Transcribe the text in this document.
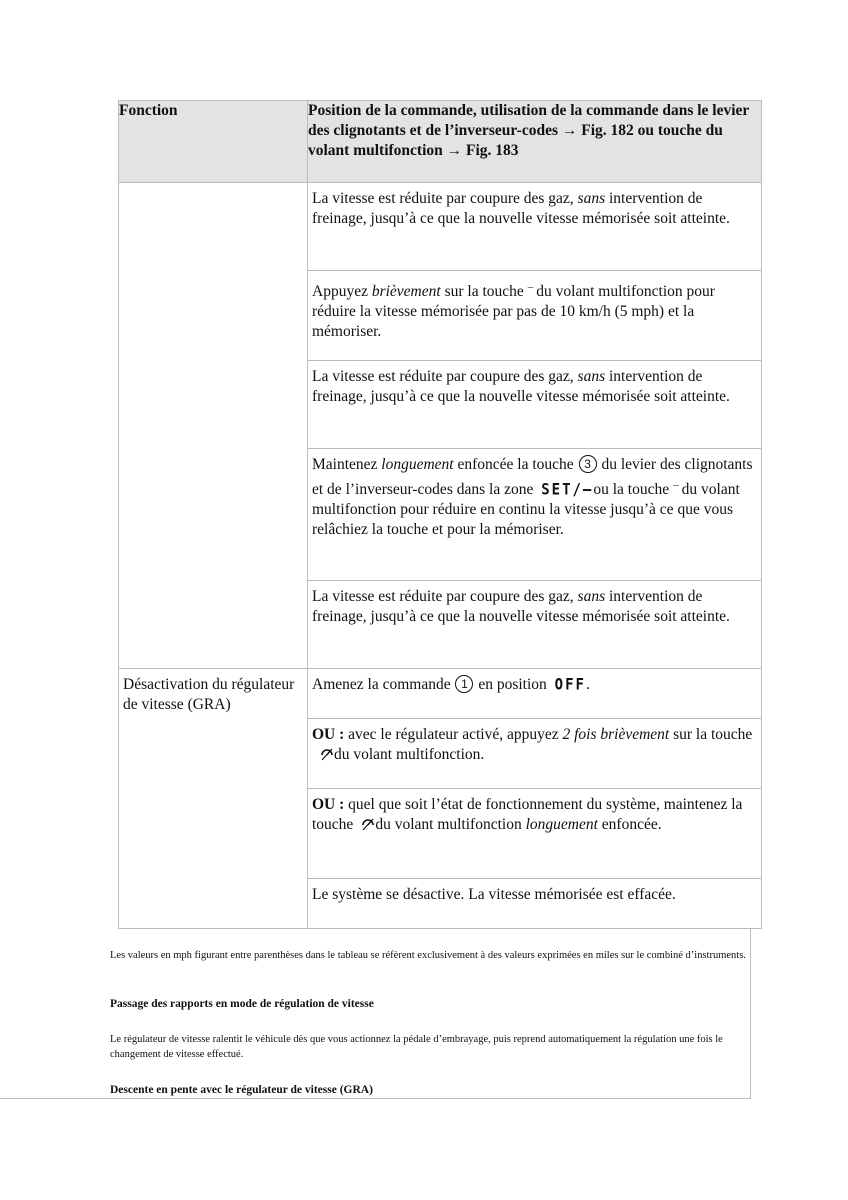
Fonction	Position de la commande, utilisation de la commande dans le levier des clignotants et de l’inverseur-codes → Fig. 182 ou touche du volant multifonction → Fig. 183

	La vitesse est réduite par coupure des gaz, sans intervention de freinage, jusqu’à ce que la nouvelle vitesse mémorisée soit atteinte.

	Appuyez brièvement sur la touche – du volant multifonction pour réduire la vitesse mémorisée par pas de 10 km/h (5 mph) et la mémoriser.

	La vitesse est réduite par coupure des gaz, sans intervention de freinage, jusqu’à ce que la nouvelle vitesse mémorisée soit atteinte.

	Maintenez longuement enfoncée la touche 3 du levier des clignotants et de l’inverseur-codes dans la zone SET/–ou la touche – du volant multifonction pour réduire en continu la vitesse jusqu’à ce que vous relâchiez la touche et pour la mémoriser.

	La vitesse est réduite par coupure des gaz, sans intervention de freinage, jusqu’à ce que la nouvelle vitesse mémorisée soit atteinte.

Désactivation du régulateur de vitesse (GRA)	Amenez la commande 1 en position OFF.

	OU : avec le régulateur activé, appuyez 2 fois brièvement sur la touchedu volant multifonction.

	OU : quel que soit l’état de fonctionnement du système, maintenez la touche du volant multifonction longuement enfoncée.

	Le système se désactive. La vitesse mémorisée est effacée.
Les valeurs en mph figurant entre parenthèses dans le tableau se réfèrent exclusivement à des valeurs exprimées en miles sur le combiné d’instruments.
Passage des rapports en mode de régulation de vitesse
Le régulateur de vitesse ralentit le véhicule dès que vous actionnez la pédale d’embrayage, puis reprend automatiquement la régulation une fois le changement de vitesse effectué.
Descente en pente avec le régulateur de vitesse (GRA)
